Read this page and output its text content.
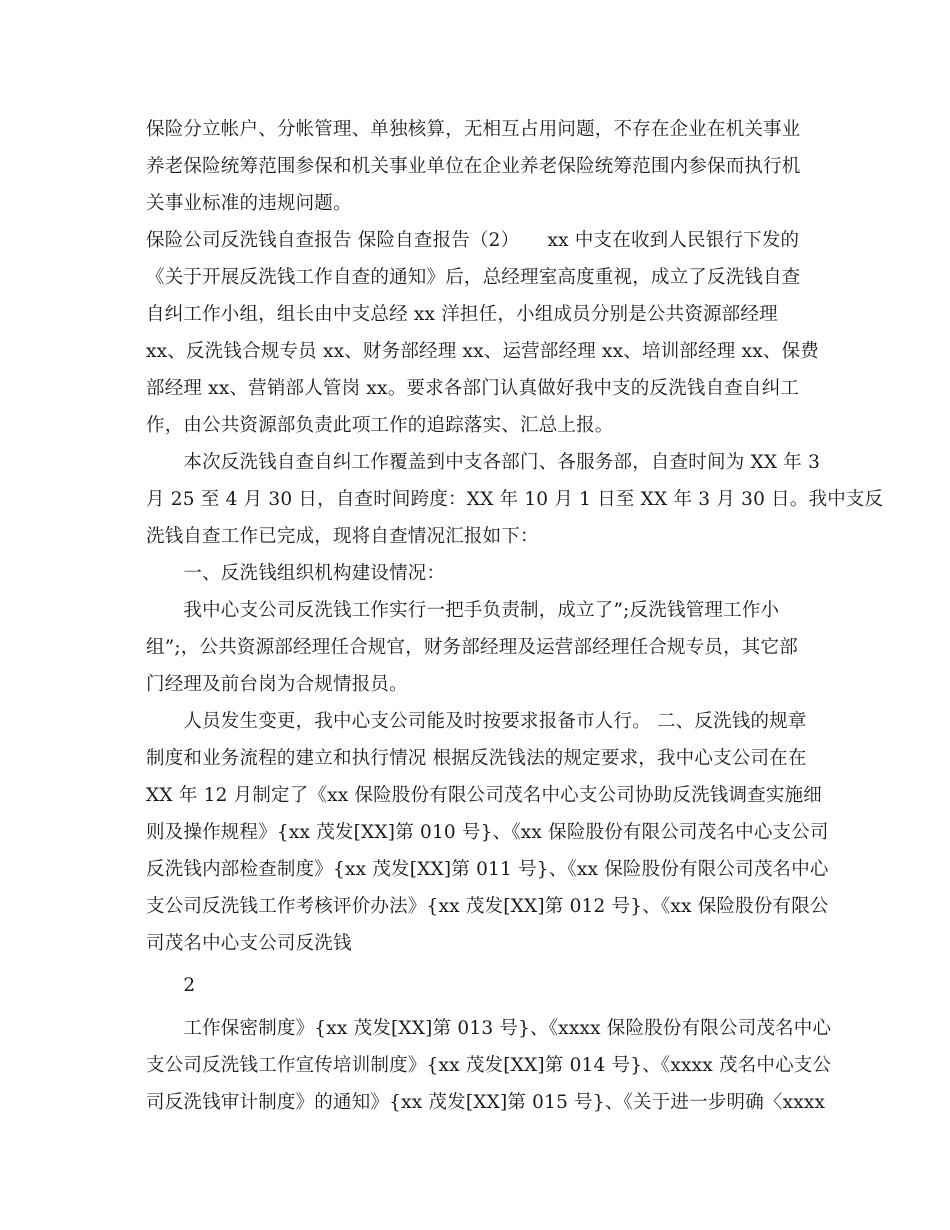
保险分立帐户、分帐管理、单独核算，无相互占用问题，不存在企业在机关事业
养老保险统筹范围参保和机关事业单位在企业养老保险统筹范围内参保而执行机
关事业标准的违规问题。
保险公司反洗钱自查报告 保险自查报告（2）　　xx 中支在收到人民银行下发的
《关于开展反洗钱工作自查的通知》后，总经理室高度重视，成立了反洗钱自查
自纠工作小组，组长由中支总经 xx 洋担任，小组成员分别是公共资源部经理
xx、反洗钱合规专员 xx、财务部经理 xx、运营部经理 xx、培训部经理 xx、保费
部经理 xx、营销部人管岗 xx。要求各部门认真做好我中支的反洗钱自查自纠工
作，由公共资源部负责此项工作的追踪落实、汇总上报。
　　本次反洗钱自查自纠工作覆盖到中支各部门、各服务部，自查时间为 XX 年 3
月 25 至 4 月 30 日，自查时间跨度：XX 年 10 月 1 日至 XX 年 3 月 30 日。我中支反
洗钱自查工作已完成，现将自查情况汇报如下：
　　一、反洗钱组织机构建设情况：
　　我中心支公司反洗钱工作实行一把手负责制，成立了”;反洗钱管理工作小
组”;，公共资源部经理任合规官，财务部经理及运营部经理任合规专员，其它部
门经理及前台岗为合规情报员。
　　人员发生变更，我中心支公司能及时按要求报备市人行。 二、反洗钱的规章
制度和业务流程的建立和执行情况 根据反洗钱法的规定要求，我中心支公司在在
XX 年 12 月制定了《xx 保险股份有限公司茂名中心支公司协助反洗钱调查实施细
则及操作规程》{xx 茂发[XX]第 010 号}、《xx 保险股份有限公司茂名中心支公司
反洗钱内部检查制度》{xx 茂发[XX]第 011 号}、《xx 保险股份有限公司茂名中心
支公司反洗钱工作考核评价办法》{xx 茂发[XX]第 012 号}、《xx 保险股份有限公
司茂名中心支公司反洗钱
　　2
　　工作保密制度》{xx 茂发[XX]第 013 号}、《xxxx 保险股份有限公司茂名中心
支公司反洗钱工作宣传培训制度》{xx 茂发[XX]第 014 号}、《xxxx 茂名中心支公
司反洗钱审计制度》的通知》{xx 茂发[XX]第 015 号}、《关于进一步明确〈xxxx
